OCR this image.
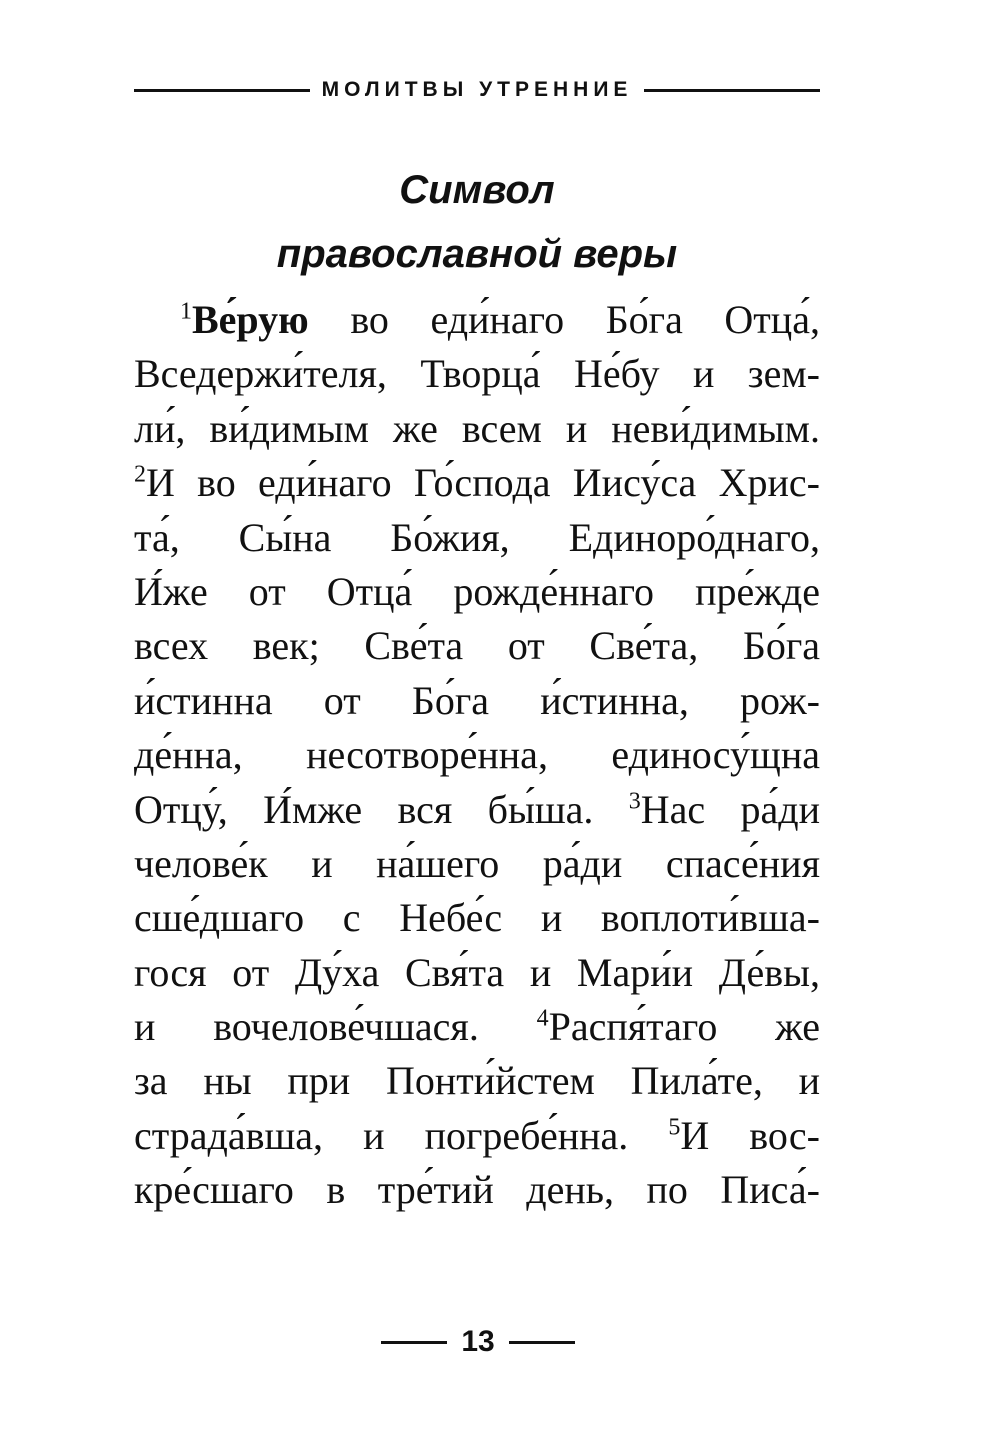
МОЛИТВЫ УТРЕННИЕ
Символ
православной веры
$^1$Ве́рую во еди́наго Бо́га Отца́,
Вседержи́теля, Творца́ Не́бу и зем-
ли́, ви́димым же всем и неви́димым.
$^2$И во еди́наго Го́спода Иису́са Хрис-
та́, Сы́на Бо́жия, Единоро́днаго,
И́же от Отца́ рожде́ннаго пре́жде
всех век; Све́та от Све́та, Бо́га
и́стинна от Бо́га и́стинна, рож-
де́нна, несотворе́нна, единосу́щна
Отцу́, И́мже вся бы́ша. $^3$Нас ра́ди
челове́к и на́шего ра́ди спасе́ния
сше́дшаго с Небе́с и воплоти́вша-
гося от Ду́ха Свя́та и Мари́и Де́вы,
и вочелове́чшася. $^4$Распя́таго же
за ны при Понти́йстем Пила́те, и
страда́вша, и погребе́нна. $^5$И вос-
кре́сшаго в тре́тий день, по Писа́-
13
